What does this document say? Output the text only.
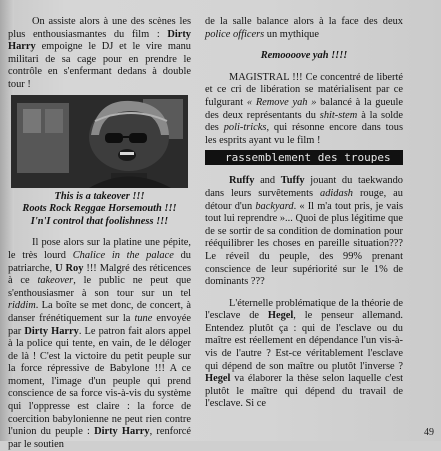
On assiste alors à une des scènes les plus enthousiasmantes du film : Dirty Harry empoigne le DJ et le vire manu militari de sa cage pour en prendre le contrôle en s'enfermant dedans à double tour !

This is a takeover !!!
Roots Rock Reggae Horsemouth !!!
I'n'I control that foolishness !!!

Il pose alors sur la platine une pépite, le très lourd Chalice in the palace du patriarche, U Roy !!! Malgré des réticences à ce takeover, le public ne peut que s'enthousiasmer à son tour sur un tel riddim. La boîte se met donc, de concert, à danser frénétiquement sur la tune envoyée par Dirty Harry. Le patron fait alors appel à la police qui tente, en vain, de le déloger de là ! C'est la victoire du petit peuple sur la force répressive de Babylone !!! A ce moment, l'image d'un peuple qui prend conscience de sa force vis-à-vis du système qui l'oppresse est claire : la force de coercition babylonienne ne peut rien contre l'union du peuple : Dirty Harry, renforcé par le soutien

de la salle balance alors à la face des deux police officers un mythique

Remoooove yah !!!!

MAGISTRAL !!! Ce concentré de liberté et ce cri de libération se matérialisent par ce fulgurant « Remove yah » balancé à la gueule des deux représentants du shit-stem à la solde des poli-tricks, qui résonne encore dans tous les esprits ayant vu le film !

rassemblement des troupes

Ruffy and Tuffy jouant du taekwando dans leurs survêtements adidash rouge, au détour d'un backyard. « Il m'a tout pris, je vais tout lui reprendre »... Quoi de plus légitime que de se sortir de sa condition de domination pour rééquilibrer les choses en pareille situation??? Le réveil du peuple, des 99% prenant conscience de leur supériorité sur le 1% de dominants ???

L'éternelle problématique de la théorie de l'esclave de Hegel, le penseur allemand. Entendez plutôt ça : qui de l'esclave ou du maître est réellement en dépendance l'un vis-à-vis de l'autre ? Est-ce véritablement l'esclave qui dépend de son maître ou plutôt l'inverse ? Hegel va élaborer la thèse selon laquelle c'est plutôt le maître qui dépend du travail de l'esclave. Si ce

49
